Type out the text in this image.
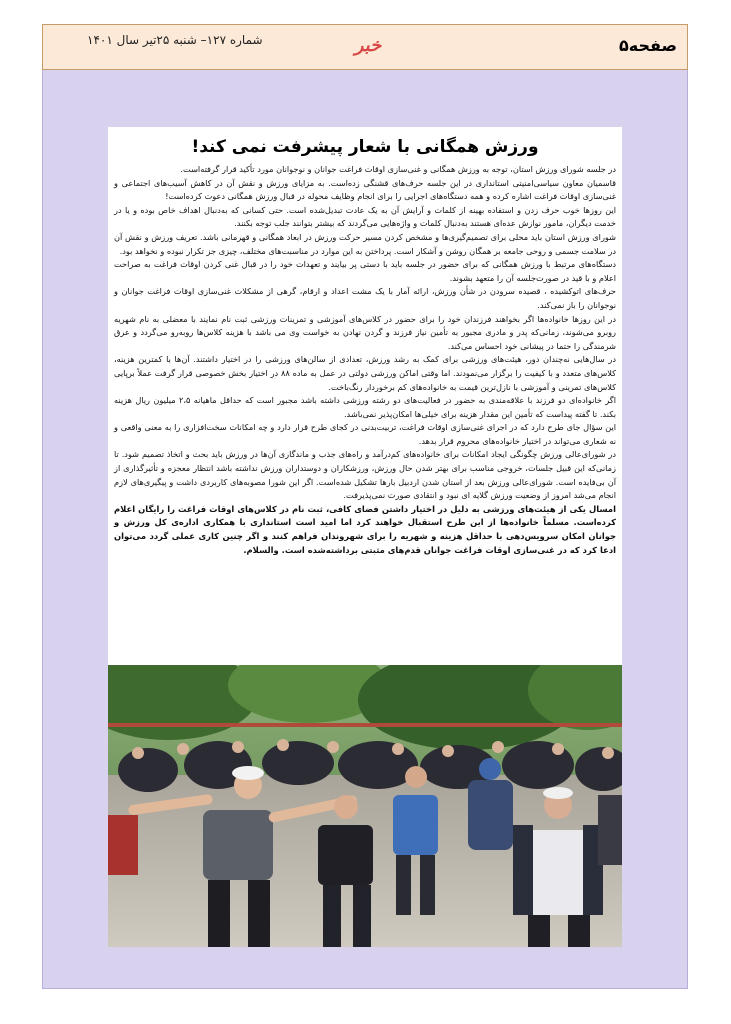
صفحه۵
خبر
شماره ۱۲۷– شنبه ۲۵تیر سال ۱۴۰۱
ورزش همگانی با شعار پیشرفت نمی کند!

در جلسه شورای ورزش استان، توجه به ورزش همگانی و غنی‌سازی اوقات فراغت جوانان و نوجوانان مورد تأکید قرار گرفته‌است.

قاسمیان معاون سیاسی‌امنیتی استانداری در این جلسه حرف‌های قشنگی زده‌است. به مزایای ورزش و نقش آن در کاهش آسیب‌های اجتماعی و غنی‌سازی اوقات فراغت اشاره کرده و همه دستگاه‌های اجرایی را برای انجام وظایف محوله در قبال ورزش همگانی دعوت کرده‌است!

این روزها خوب حرف زدن و استفاده بهینه از کلمات و آرایش آن به یک عادت تبدیل‌شده است. حتی کسانی که به‌دنبال اهداف خاص بوده و یا در خدمت دیگران، مامور نوازش عده‌ای هستند به‌دنبال کلمات و واژه‌هایی می‌گردند که بیشتر بتوانند جلب توجه بکنند.

شورای ورزش استان باید محلی برای تصمیم‌گیری‌ها و مشخص کردن مسیر حرکت ورزش در ابعاد همگانی و قهرمانی باشد. تعریف ورزش و نقش آن در سلامت جسمی و روحی جامعه بر همگان روشن و آشکار است. پرداختن به این موارد در مناسبت‌های مختلف، چیزی جز تکرار نبوده و نخواهد بود.

دستگاه‌های مرتبط با ورزش همگانی که برای حضور در جلسه باید با دستی پر بیایند و تعهدات خود را در قبال غنی کردن اوقات فراغت به صراحت اعلام و با قید در صورت‌جلسه آن را متعهد بشوند.

حرف‌های اتوکشیده ، قصیده سرودن در شأن ورزش، ارائه آمار با یک مشت اعداد و ارقام، گرهی از مشکلات غنی‌سازی اوقات فراغت جوانان و نوجوانان را باز نمی‌کند.

در این روزها خانواده‌ها اگر بخواهند فرزندان خود را برای حضور در کلاس‌های آموزشی و تمرینات ورزشی ثبت نام نمایند با معضلی به نام شهریه روبرو می‌شوند، زمانی‌که پدر و مادری مجبور به تأمین نیاز فرزند و گردن نهادن به خواست وی می باشد با هزینه کلاس‌ها روبه‌رو می‌گردد و عرق شرمندگی را حتما در پیشانی خود احساس می‌کند.

در سال‌هایی نه‌چندان دور، هیئت‌های ورزشی برای کمک به رشد ورزش، تعدادی از سالن‌های ورزشی را در اختیار داشتند. آن‌ها با کمترین هزینه، کلاس‌های متعدد و با کیفیت را برگزار می‌نمودند. اما وقتی اماکن ورزشی دولتی در عمل به ماده ۸۸ در اختیار بخش خصوصی قرار گرفت عملاً برپایی کلاس‌های تمرینی و آموزشی با نازل‌ترین قیمت به خانواده‌های کم برخوردار رنگ‌باخت.

اگر خانواده‌ای دو فرزند با علاقه‌مندی به حضور در فعالیت‌های دو رشته ورزشی داشته باشد مجبور است که حداقل ماهیانه ۲،۵ میلیون ریال هزینه بکند. تا گفته پیداست که تأمین این مقدار هزینه برای خیلی‌ها امکان‌پذیر نمی‌باشد.

این سؤال جای طرح دارد که در اجرای غنی‌سازی اوقات فراغت، تربیت‌بدنی در کجای طرح قرار دارد و چه امکانات سخت‌افزاری را به معنی واقعی و نه شعاری می‌تواند در اختیار خانواده‌های محروم قرار بدهد.

در شورای‌عالی ورزش چگونگی ایجاد امکانات برای خانواده‌های کم‌درآمد و راه‌های جذب و ماندگاری آن‌ها در ورزش باید بحث و اتخاذ تصمیم شود. تا زمانی‌که این قبیل جلسات، خروجی مناسب برای بهتر شدن حال ورزش، ورزشکاران و دوستداران ورزش نداشته باشد انتظار معجزه و تأثیرگذاری از آن بی‌فایده است. شورای‌عالی ورزش بعد از استان شدن اردبیل بارها تشکیل شده‌است. اگر این شورا مصوبه‌های کاربردی داشت و پیگیری‌های لازم انجام می‌شد امروز از وضعیت ورزش گلایه ای نبود و انتقادی صورت نمی‌پذیرفت.

امسال یکی از هیئت‌های ورزشی به دلیل در اختیار داشتن فضای کافی، ثبت نام در کلاس‌های اوقات فراغت را رایگان اعلام کرده‌است. مسلماً خانواده‌ها از این طرح استقبال خواهند کرد اما امید است استانداری با همکاری اداره‌ی کل ورزش و جوانان امکان سرویس‌دهی با حداقل هزینه و شهریه را برای شهروندان فراهم کنند و اگر چنین کاری عملی گردد می‌توان ادعا کرد که در غنی‌سازی اوقات فراغت جوانان قدم‌های مثبتی برداشته‌شده است. والسلام.
